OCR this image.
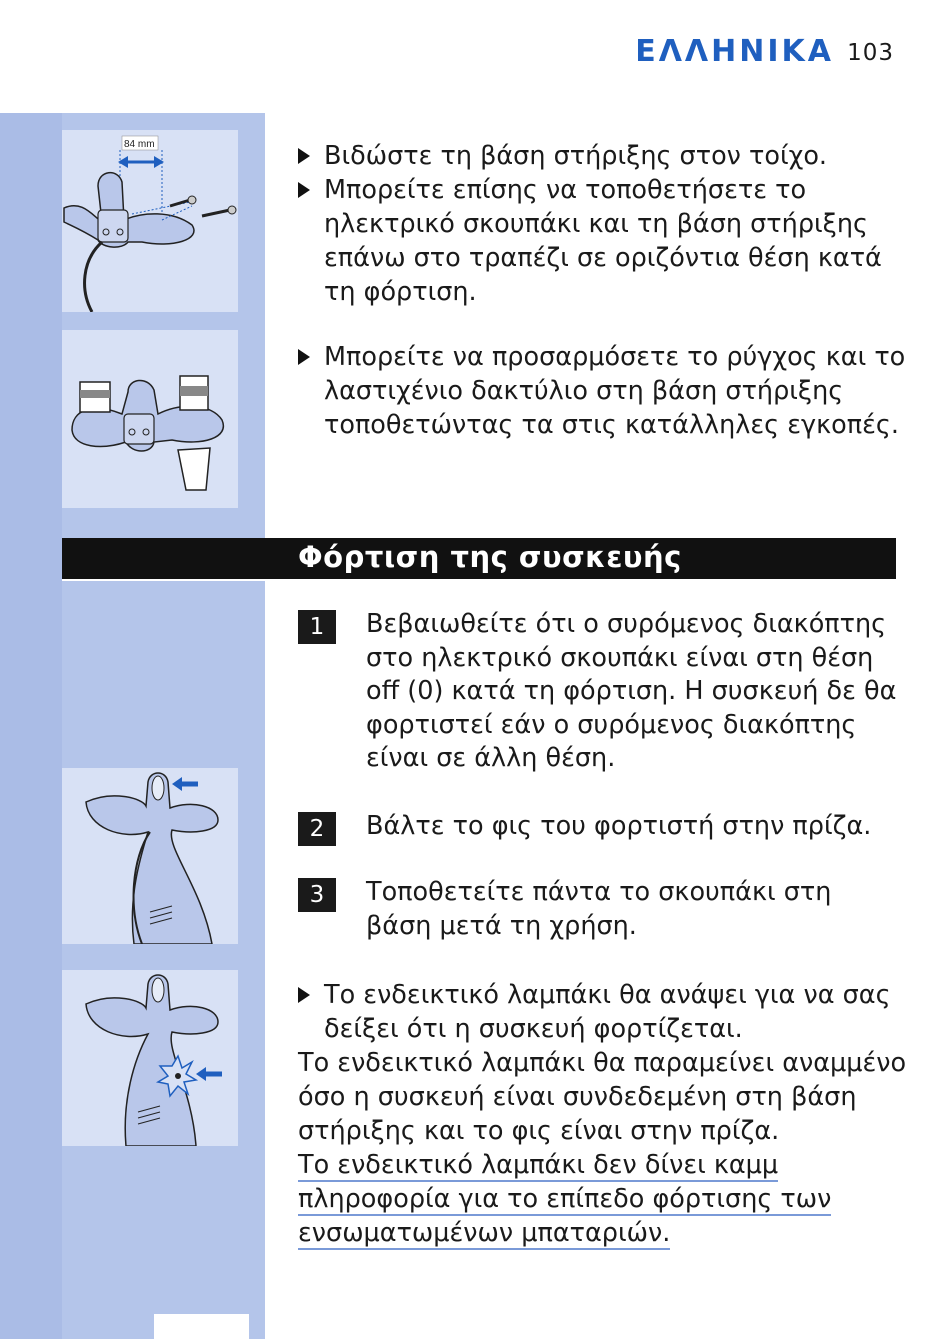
ΕΛΛΗΝΙΚΑ 103
84 mm	Βιδώστε τη βάση στήριξης στον τοίχο.
Μπορείτε επίσης να τοποθετήσετε το ηλεκτρικό σκουπάκι και τη βάση στήριξης επάνω στο τραπέζι σε οριζόντια θέση κατά τη φόρτιση.
Μπορείτε να προσαρμόσετε το ρύγχος και το λαστιχένιο δακτύλιο στη βάση στήριξης τοποθετώντας τα στις κατάλληλες εγκοπές.
Φόρτιση της συσκευής
1	Βεβαιωθείτε ότι ο συρόμενος διακόπτης στο ηλεκτρικό σκουπάκι είναι στη θέση off (0) κατά τη φόρτιση. Η συσκευή δε θα φορτιστεί εάν ο συρόμενος διακόπτης είναι σε άλλη θέση.
2	Βάλτε το φις του φορτιστή στην πρίζα.
3	Τοποθετείτε πάντα το σκουπάκι στη βάση μετά τη χρήση.
Το ενδεικτικό λαμπάκι θα ανάψει για να σας δείξει ότι η συσκευή φορτίζεται.
Το ενδεικτικό λαμπάκι θα παραμείνει αναμμένο όσο η συσκευή είναι συνδεδεμένη στη βάση στήριξης και το φις είναι στην πρίζα.
Το ενδεικτικό λαμπάκι δεν δίνει καμμ πληροφορία για το επίπεδο φόρτισης των ενσωματωμένων μπαταριών.
